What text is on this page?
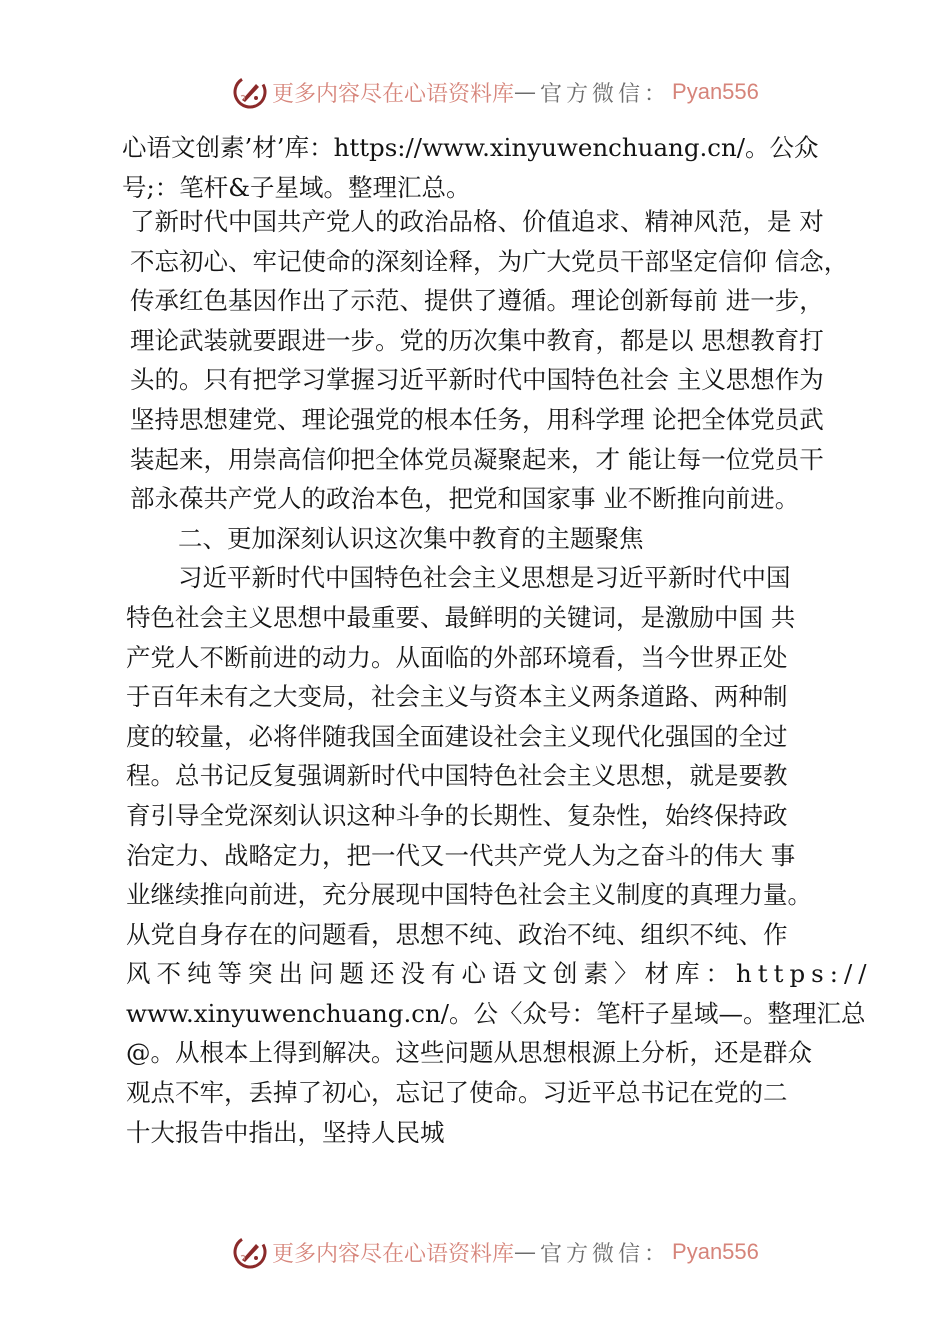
更多内容尽在心语资料库 — 官方微信： Pyan556
心语文创素’材’库：https://www.xinyuwenchuang.cn/。公众
号;：笔杆&子星域。整理汇总。
了新时代中国共产党人的政治品格、价值追求、精神风范，是 对
不忘初心、牢记使命的深刻诠释，为广大党员干部坚定信仰 信念，
传承红色基因作出了示范、提供了遵循。理论创新每前 进一步，
理论武装就要跟进一步。党的历次集中教育，都是以 思想教育打
头的。只有把学习掌握习近平新时代中国特色社会 主义思想作为
坚持思想建党、理论强党的根本任务，用科学理 论把全体党员武
装起来，用崇高信仰把全体党员凝聚起来，才 能让每一位党员干
部永葆共产党人的政治本色，把党和国家事 业不断推向前进。
二、更加深刻认识这次集中教育的主题聚焦
习近平新时代中国特色社会主义思想是习近平新时代中国
特色社会主义思想中最重要、最鲜明的关键词，是激励中国 共
产党人不断前进的动力。从面临的外部环境看，当今世界正处
于百年未有之大变局，社会主义与资本主义两条道路、两种制
度的较量，必将伴随我国全面建设社会主义现代化强国的全过
程。总书记反复强调新时代中国特色社会主义思想，就是要教
育引导全党深刻认识这种斗争的长期性、复杂性，始终保持政
治定力、战略定力，把一代又一代共产党人为之奋斗的伟大 事
业继续推向前进，充分展现中国特色社会主义制度的真理力量。
从党自身存在的问题看，思想不纯、政治不纯、组织不纯、作
风不纯等突出问题还没有心语文创素〉材库：https://
www.xinyuwenchuang.cn/。公〈众号：笔杆子星域—。整理汇总
@。从根本上得到解决。这些问题从思想根源上分析，还是群众
观点不牢，丢掉了初心，忘记了使命。习近平总书记在党的二
十大报告中指出，坚持人民城
更多内容尽在心语资料库 — 官方微信： Pyan556
